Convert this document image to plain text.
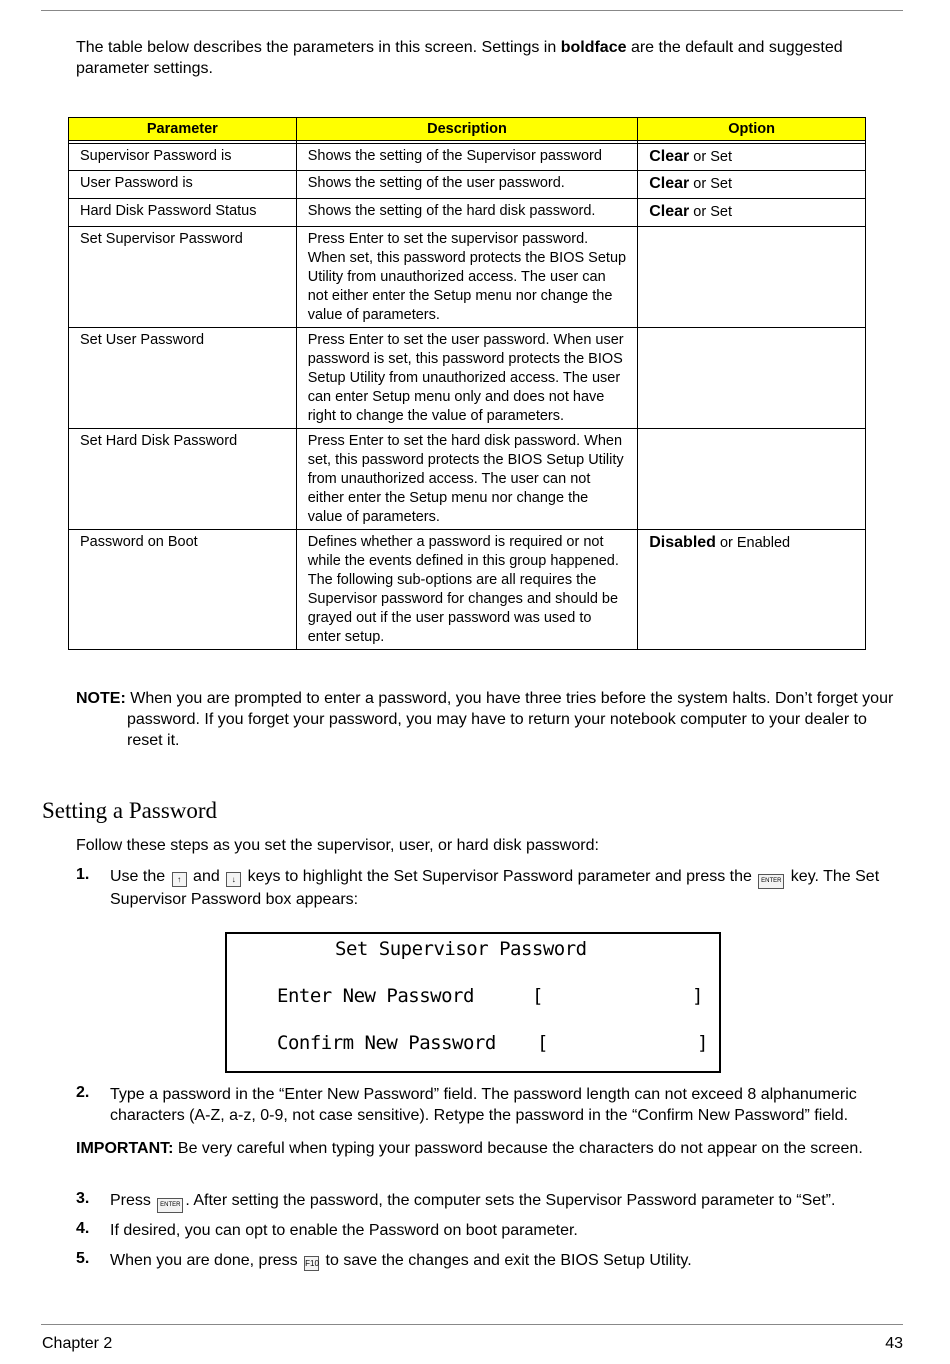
The table below describes the parameters in this screen. Settings in boldface are the default and suggested parameter settings.
Parameter	Description	Option

Supervisor Password is	Shows the setting of the Supervisor password	Clear or Set
User Password is	Shows the setting of the user password.	Clear or Set
Hard Disk Password Status	Shows the setting of the hard disk password.	Clear or Set
Set Supervisor Password	Press Enter to set the supervisor password. When set, this password protects the BIOS Setup Utility from unauthorized access. The user can not either enter the Setup menu nor change the value of parameters.	
Set User Password	Press Enter to set the user password. When user password is set, this password protects the BIOS Setup Utility from unauthorized access. The user can enter Setup menu only and does not have right to change the value of parameters.	
Set Hard Disk Password	Press Enter to set the hard disk password. When set, this password protects the BIOS Setup Utility from unauthorized access. The user can not either enter the Setup menu nor change the value of parameters.	
Password on Boot	Defines whether a password is required or not while the events defined in this group happened. The following sub-options are all requires the Supervisor password for changes and should be grayed out if the user password was used to enter setup.	Disabled or Enabled
NOTE: When you are prompted to enter a password, you have three tries before the system halts. Don’t forget your password. If you forget your password, you may have to return your notebook computer to your dealer to reset it.
Setting a Password
Follow these steps as you set the supervisor, user, or hard disk password:
1. Use the ↑ and ↓ keys to highlight the Set Supervisor Password parameter and press the ENTER key. The Set Supervisor Password box appears:
Set Supervisor Password
Enter New Password	[	]
Confirm New Password [	]
2. Type a password in the “Enter New Password” field. The password length can not exceed 8 alphanumeric characters (A-Z, a-z, 0-9, not case sensitive). Retype the password in the “Confirm New Password” field.
IMPORTANT: Be very careful when typing your password because the characters do not appear on the screen.
3. Press ENTER . After setting the password, the computer sets the Supervisor Password parameter to “Set”.
4. If desired, you can opt to enable the Password on boot parameter.
5. When you are done, press F10 to save the changes and exit the BIOS Setup Utility.
Chapter 2	43
